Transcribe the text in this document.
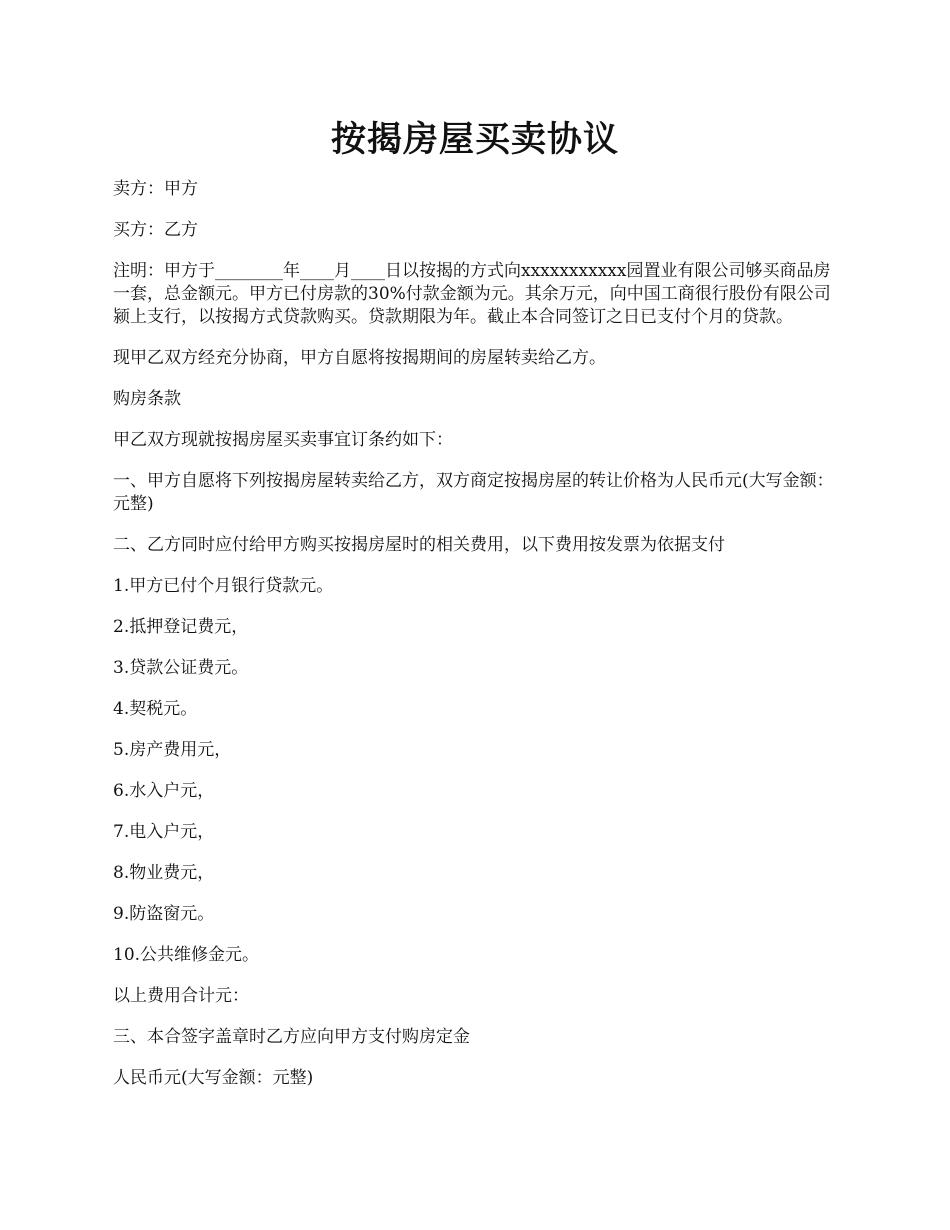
按揭房屋买卖协议

卖方：甲方

买方：乙方

注明：甲方于________年____月____日以按揭的方式向xxxxxxxxxxx园置业有限公司够买商品房一套，总金额元。甲方已付房款的30%付款金额为元。其余万元，向中国工商很行股份有限公司颍上支行，以按揭方式贷款购买。贷款期限为年。截止本合同签订之日已支付个月的贷款。

现甲乙双方经充分协商，甲方自愿将按揭期间的房屋转卖给乙方。

购房条款

甲乙双方现就按揭房屋买卖事宜订条约如下：

一、甲方自愿将下列按揭房屋转卖给乙方，双方商定按揭房屋的转让价格为人民币元(大写金额：元整)

二、乙方同时应付给甲方购买按揭房屋时的相关费用，以下费用按发票为依据支付

1.甲方已付个月银行贷款元。

2.抵押登记费元，

3.贷款公证费元。

4.契税元。

5.房产费用元，

6.水入户元，

7.电入户元，

8.物业费元，

9.防盗窗元。

10.公共维修金元。

以上费用合计元：

三、本合签字盖章时乙方应向甲方支付购房定金

人民币元(大写金额：元整)
